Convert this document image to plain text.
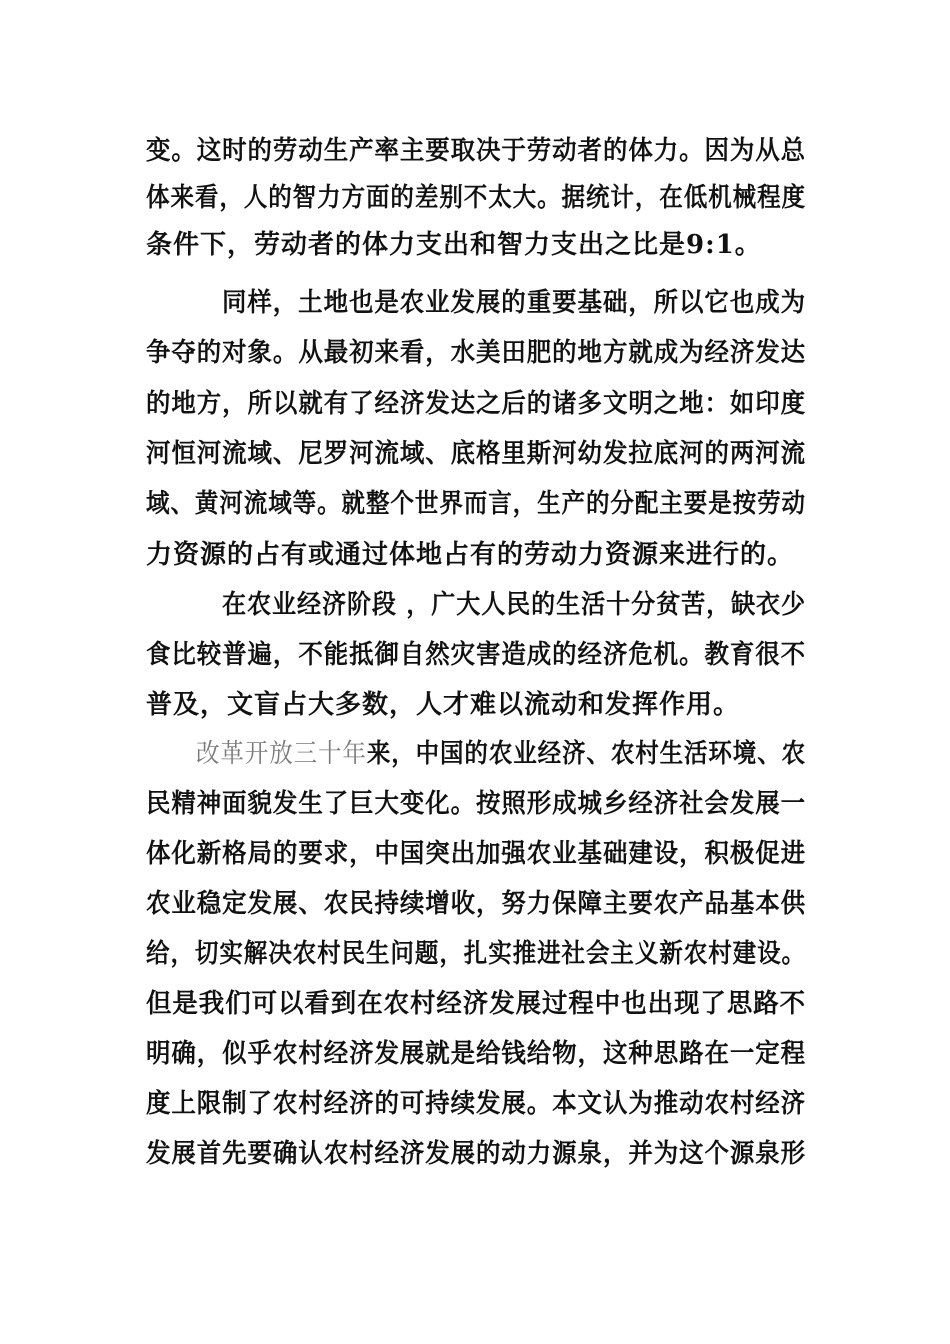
变。这时的劳动生产率主要取决于劳动者的体力。因为从总
体来看，人的智力方面的差别不太大。据统计，在低机械程度
条件下，劳动者的体力支出和智力支出之比是9:1。
同样，土地也是农业发展的重要基础，所以它也成为
争夺的对象。从最初来看，水美田肥的地方就成为经济发达
的地方，所以就有了经济发达之后的诸多文明之地：如印度
河恒河流域、尼罗河流域、底格里斯河幼发拉底河的两河流
域、黄河流域等。就整个世界而言，生产的分配主要是按劳动
力资源的占有或通过体地占有的劳动力资源来进行的。
在农业经济阶段 ，广大人民的生活十分贫苦，缺衣少
食比较普遍，不能抵御自然灾害造成的经济危机。教育很不
普及，文盲占大多数，人才难以流动和发挥作用。
改革开放三十年来，中国的农业经济、农村生活环境、农
民精神面貌发生了巨大变化。按照形成城乡经济社会发展一
体化新格局的要求，中国突出加强农业基础建设，积极促进
农业稳定发展、农民持续增收，努力保障主要农产品基本供
给，切实解决农村民生问题，扎实推进社会主义新农村建设。
但是我们可以看到在农村经济发展过程中也出现了思路不
明确，似乎农村经济发展就是给钱给物，这种思路在一定程
度上限制了农村经济的可持续发展。本文认为推动农村经济
发展首先要确认农村经济发展的动力源泉，并为这个源泉形
